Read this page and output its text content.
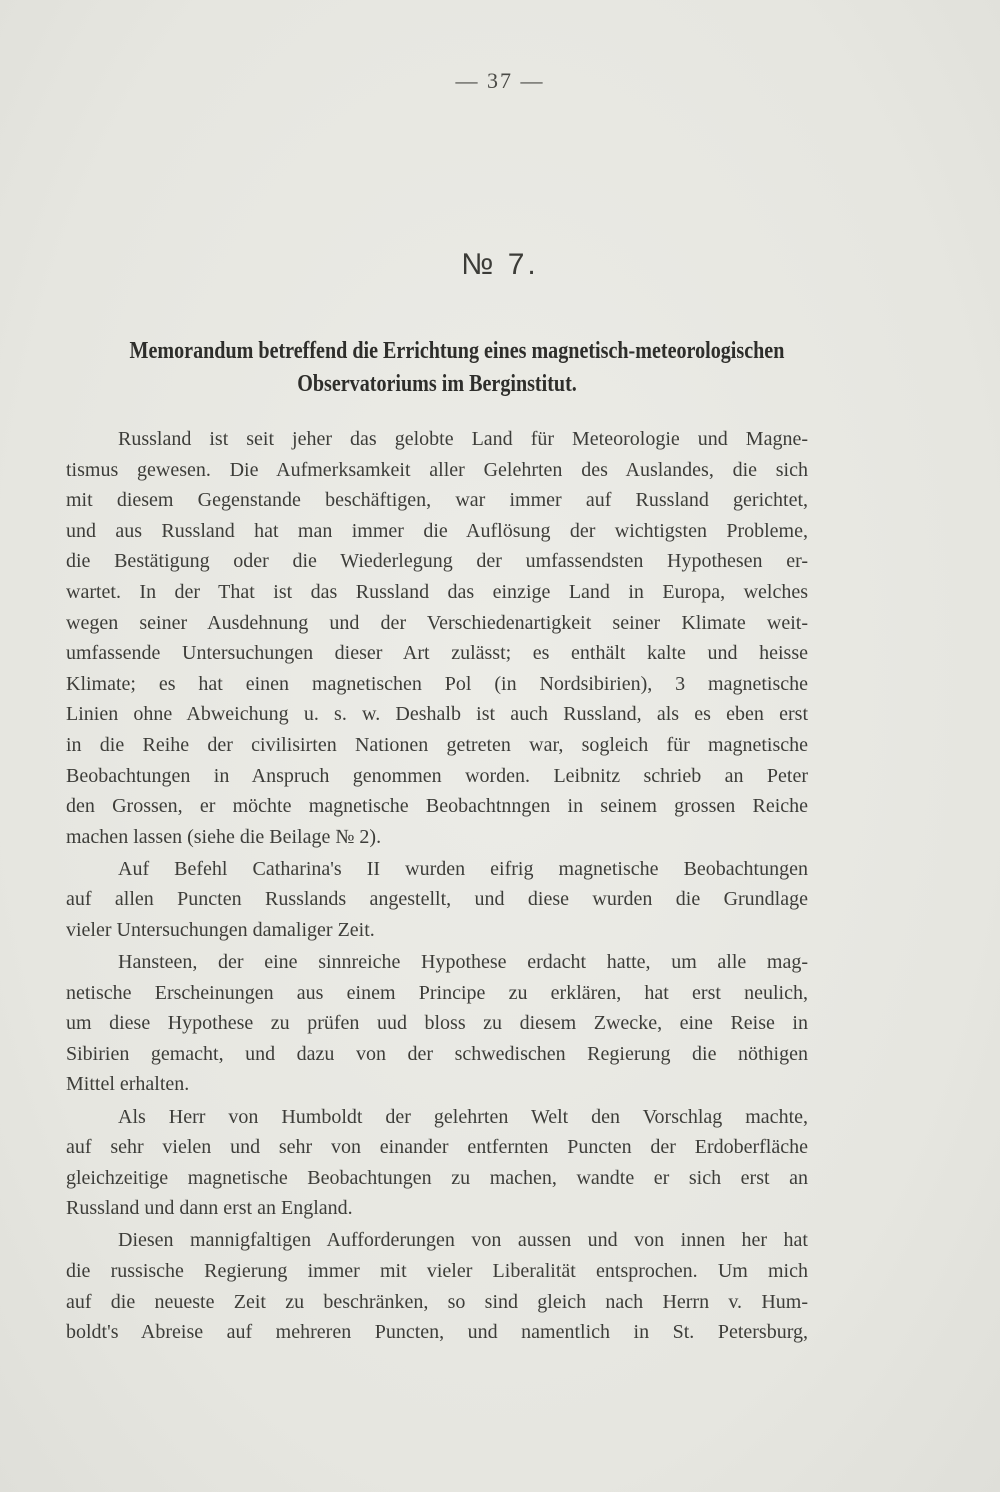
— 37 —
№ 7.
Memorandum betreffend die Errichtung eines magnetisch-meteorologischen
Observatoriums im Berginstitut.
Russland ist seit jeher das gelobte Land für Meteorologie und Magne-
tismus gewesen. Die Aufmerksamkeit aller Gelehrten des Auslandes, die sich
mit diesem Gegenstande beschäftigen, war immer auf Russland gerichtet,
und aus Russland hat man immer die Auflösung der wichtigsten Probleme,
die Bestätigung oder die Wiederlegung der umfassendsten Hypothesen er-
wartet. In der That ist das Russland das einzige Land in Europa, welches
wegen seiner Ausdehnung und der Verschiedenartigkeit seiner Klimate weit-
umfassende Untersuchungen dieser Art zulässt; es enthält kalte und heisse
Klimate; es hat einen magnetischen Pol (in Nordsibirien), 3 magnetische
Linien ohne Abweichung u. s. w. Deshalb ist auch Russland, als es eben erst
in die Reihe der civilisirten Nationen getreten war, sogleich für magnetische
Beobachtungen in Anspruch genommen worden. Leibnitz schrieb an Peter
den Grossen, er möchte magnetische Beobachtnngen in seinem grossen Reiche
machen lassen (siehe die Beilage № 2).
Auf Befehl Catharina's II wurden eifrig magnetische Beobachtungen
auf allen Puncten Russlands angestellt, und diese wurden die Grundlage
vieler Untersuchungen damaliger Zeit.
Hansteen, der eine sinnreiche Hypothese erdacht hatte, um alle mag-
netische Erscheinungen aus einem Principe zu erklären, hat erst neulich,
um diese Hypothese zu prüfen uud bloss zu diesem Zwecke, eine Reise in
Sibirien gemacht, und dazu von der schwedischen Regierung die nöthigen
Mittel erhalten.
Als Herr von Humboldt der gelehrten Welt den Vorschlag machte,
auf sehr vielen und sehr von einander entfernten Puncten der Erdoberfläche
gleichzeitige magnetische Beobachtungen zu machen, wandte er sich erst an
Russland und dann erst an England.
Diesen mannigfaltigen Aufforderungen von aussen und von innen her hat
die russische Regierung immer mit vieler Liberalität entsprochen. Um mich
auf die neueste Zeit zu beschränken, so sind gleich nach Herrn v. Hum-
boldt's Abreise auf mehreren Puncten, und namentlich in St. Petersburg,
